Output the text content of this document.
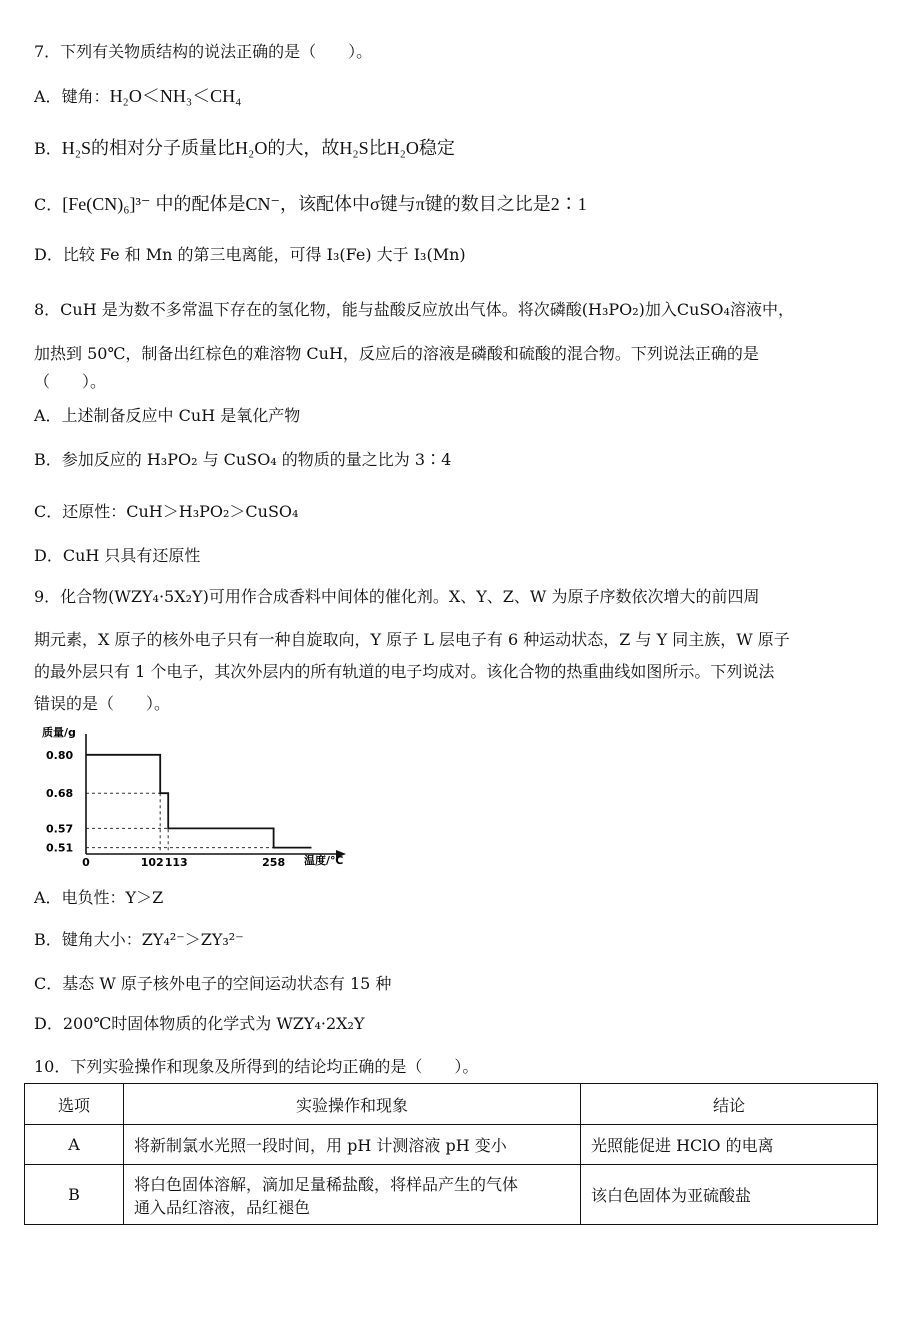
7．下列有关物质结构的说法正确的是（　　）。
A．键角：H₂O＜NH₃＜CH₄
B．H₂S的相对分子质量比H₂O的大，故H₂S比H₂O稳定
C．[Fe(CN)₆]³⁻ 中的配体是CN⁻，该配体中σ键与π键的数目之比是2∶1
D．比较 Fe 和 Mn 的第三电离能，可得 I₃(Fe) 大于 I₃(Mn)
8．CuH 是为数不多常温下存在的氢化物，能与盐酸反应放出气体。将次磷酸(H₃PO₂)加入CuSO₄溶液中，
加热到 50℃，制备出红棕色的难溶物 CuH，反应后的溶液是磷酸和硫酸的混合物。下列说法正确的是
（　　）。
A．上述制备反应中 CuH 是氧化产物
B．参加反应的 H₃PO₂ 与 CuSO₄ 的物质的量之比为 3∶4
C．还原性：CuH＞H₃PO₂＞CuSO₄
D．CuH 只具有还原性
9．化合物(WZY₄·5X₂Y)可用作合成香料中间体的催化剂。X、Y、Z、W 为原子序数依次增大的前四周
期元素，X 原子的核外电子只有一种自旋取向，Y 原子 L 层电子有 6 种运动状态，Z 与 Y 同主族，W 原子
的最外层只有 1 个电子，其次外层内的所有轨道的电子均成对。该化合物的热重曲线如图所示。下列说法
错误的是（　　）。
质量/g
温度/℃
0.80
0.68
0.57
0.51
0	102 113	258
A．电负性：Y＞Z
B．键角大小：ZY₄²⁻＞ZY₃²⁻
C．基态 W 原子核外电子的空间运动状态有 15 种
D．200℃时固体物质的化学式为 WZY₄·2X₂Y
10．下列实验操作和现象及所得到的结论均正确的是（　　）。
选项	实验操作和现象	结论
A	将新制氯水光照一段时间，用 pH 计测溶液 pH 变小	光照能促进 HClO 的电离
B	将白色固体溶解，滴加足量稀盐酸，将样品产生的气体
通入品红溶液，品红褪色	该白色固体为亚硫酸盐
